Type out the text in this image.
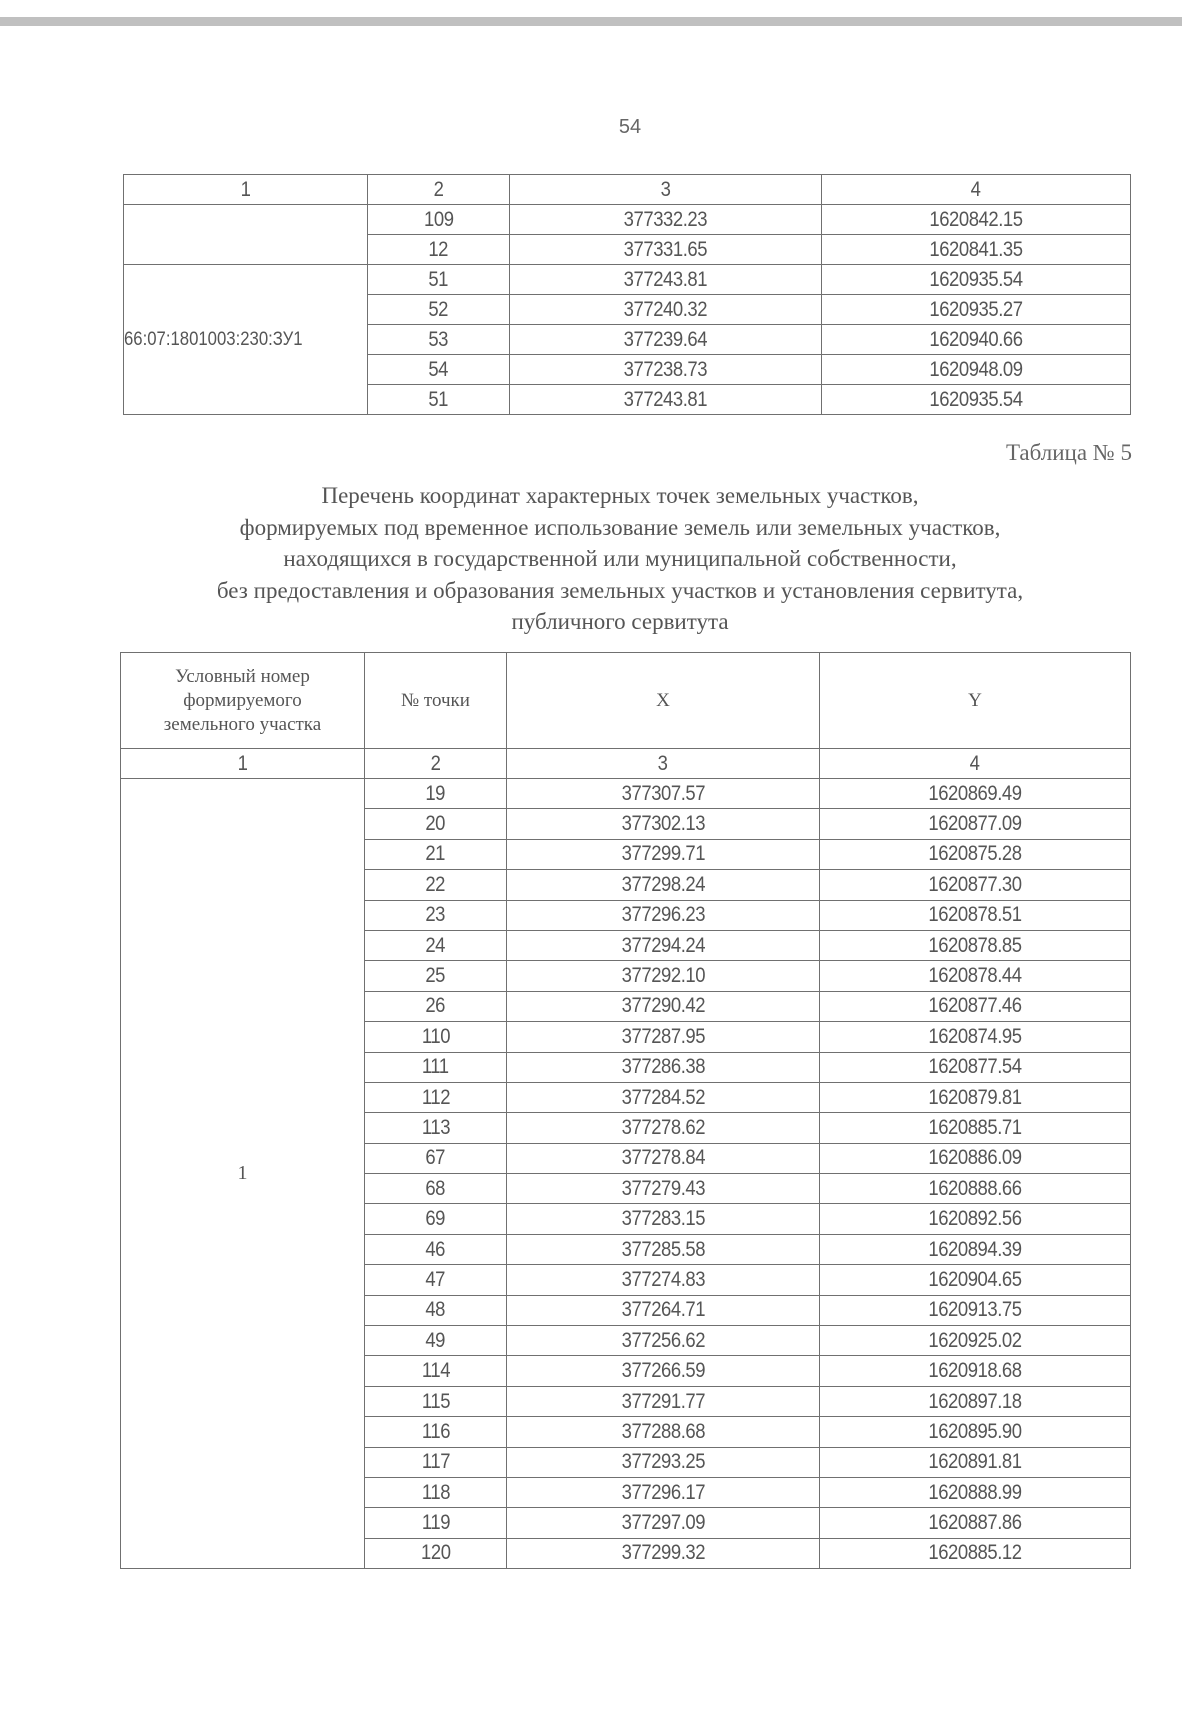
54
1	2	3	4
	109	377332.23	1620842.15
	12	377331.65	1620841.35
66:07:1801003:230:ЗУ1	51	377243.81	1620935.54
	52	377240.32	1620935.27
	53	377239.64	1620940.66
	54	377238.73	1620948.09
	51	377243.81	1620935.54
Таблица № 5
Перечень координат характерных точек земельных участков,
формируемых под временное использование земель или земельных участков,
находящихся в государственной или муниципальной собственности,
без предоставления и образования земельных участков и установления сервитута,
публичного сервитута
Условный номер формируемого земельного участка	№ точки	X	Y
1	2	3	4
1	19	377307.57	1620869.49
	20	377302.13	1620877.09
	21	377299.71	1620875.28
	22	377298.24	1620877.30
	23	377296.23	1620878.51
	24	377294.24	1620878.85
	25	377292.10	1620878.44
	26	377290.42	1620877.46
	110	377287.95	1620874.95
	111	377286.38	1620877.54
	112	377284.52	1620879.81
	113	377278.62	1620885.71
	67	377278.84	1620886.09
	68	377279.43	1620888.66
	69	377283.15	1620892.56
	46	377285.58	1620894.39
	47	377274.83	1620904.65
	48	377264.71	1620913.75
	49	377256.62	1620925.02
	114	377266.59	1620918.68
	115	377291.77	1620897.18
	116	377288.68	1620895.90
	117	377293.25	1620891.81
	118	377296.17	1620888.99
	119	377297.09	1620887.86
	120	377299.32	1620885.12
